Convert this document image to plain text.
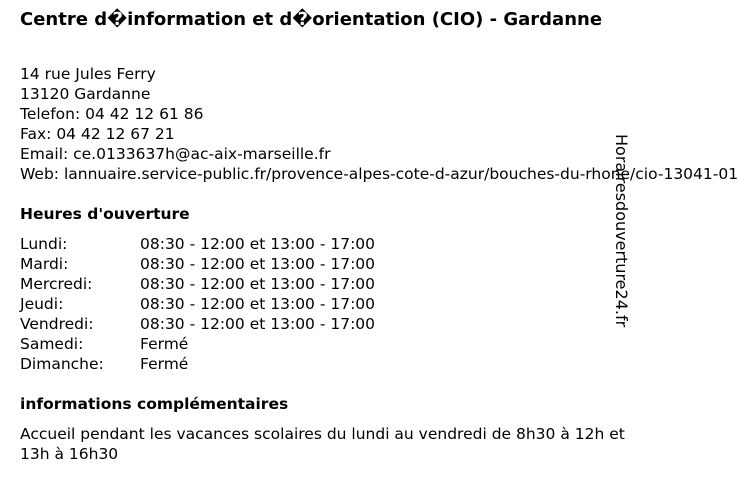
Centre d�information et d�orientation (CIO) - Gardanne
14 rue Jules Ferry
13120 Gardanne
Telefon: 04 42 12 61 86
Fax: 04 42 12 67 21
Email: ce.0133637h@ac-aix-marseille.fr
Web: lannuaire.service-public.fr/provence-alpes-cote-d-azur/bouches-du-rhone/cio-13041-01
Heures d'ouverture
Lundi:	08:30 - 12:00 et 13:00 - 17:00
Mardi:	08:30 - 12:00 et 13:00 - 17:00
Mercredi:	08:30 - 12:00 et 13:00 - 17:00
Jeudi:	08:30 - 12:00 et 13:00 - 17:00
Vendredi:	08:30 - 12:00 et 13:00 - 17:00
Samedi:	Fermé
Dimanche:	Fermé
informations complémentaires
Accueil pendant les vacances scolaires du lundi au vendredi de 8h30 à 12h et 13h à 16h30
Horairesdouverture24.fr
